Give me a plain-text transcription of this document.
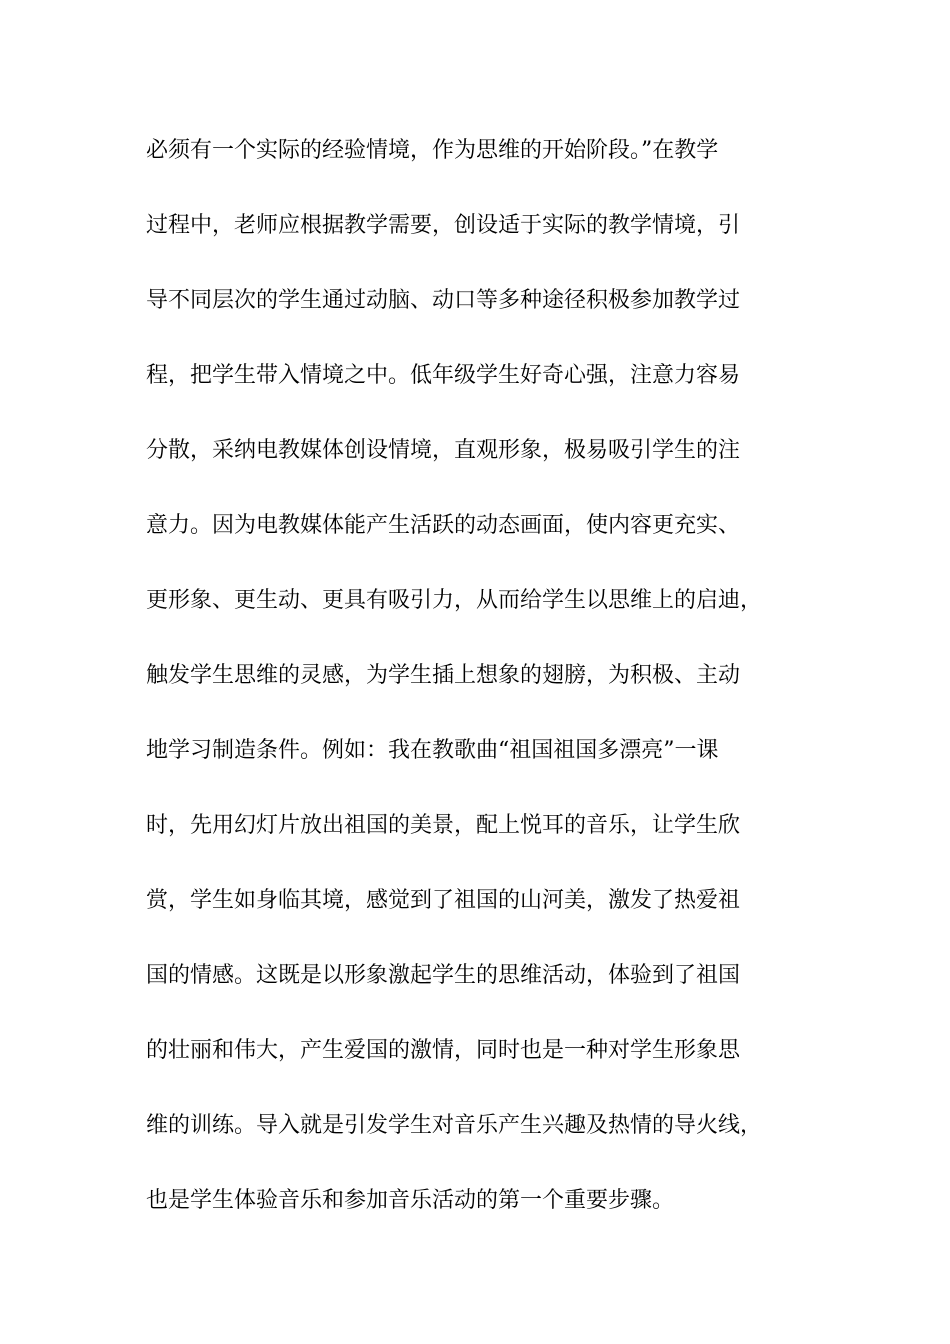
必须有一个实际的经验情境，作为思维的开始阶段。”在教学
过程中，老师应根据教学需要，创设适于实际的教学情境，引
导不同层次的学生通过动脑、动口等多种途径积极参加教学过
程，把学生带入情境之中。低年级学生好奇心强，注意力容易
分散，采纳电教媒体创设情境，直观形象，极易吸引学生的注
意力。因为电教媒体能产生活跃的动态画面，使内容更充实、
更形象、更生动、更具有吸引力，从而给学生以思维上的启迪，
触发学生思维的灵感，为学生插上想象的翅膀，为积极、主动
地学习制造条件。例如：我在教歌曲“祖国祖国多漂亮”一课
时，先用幻灯片放出祖国的美景，配上悦耳的音乐，让学生欣
赏，学生如身临其境，感觉到了祖国的山河美，激发了热爱祖
国的情感。这既是以形象激起学生的思维活动，体验到了祖国
的壮丽和伟大，产生爱国的激情，同时也是一种对学生形象思
维的训练。导入就是引发学生对音乐产生兴趣及热情的导火线，
也是学生体验音乐和参加音乐活动的第一个重要步骤。
